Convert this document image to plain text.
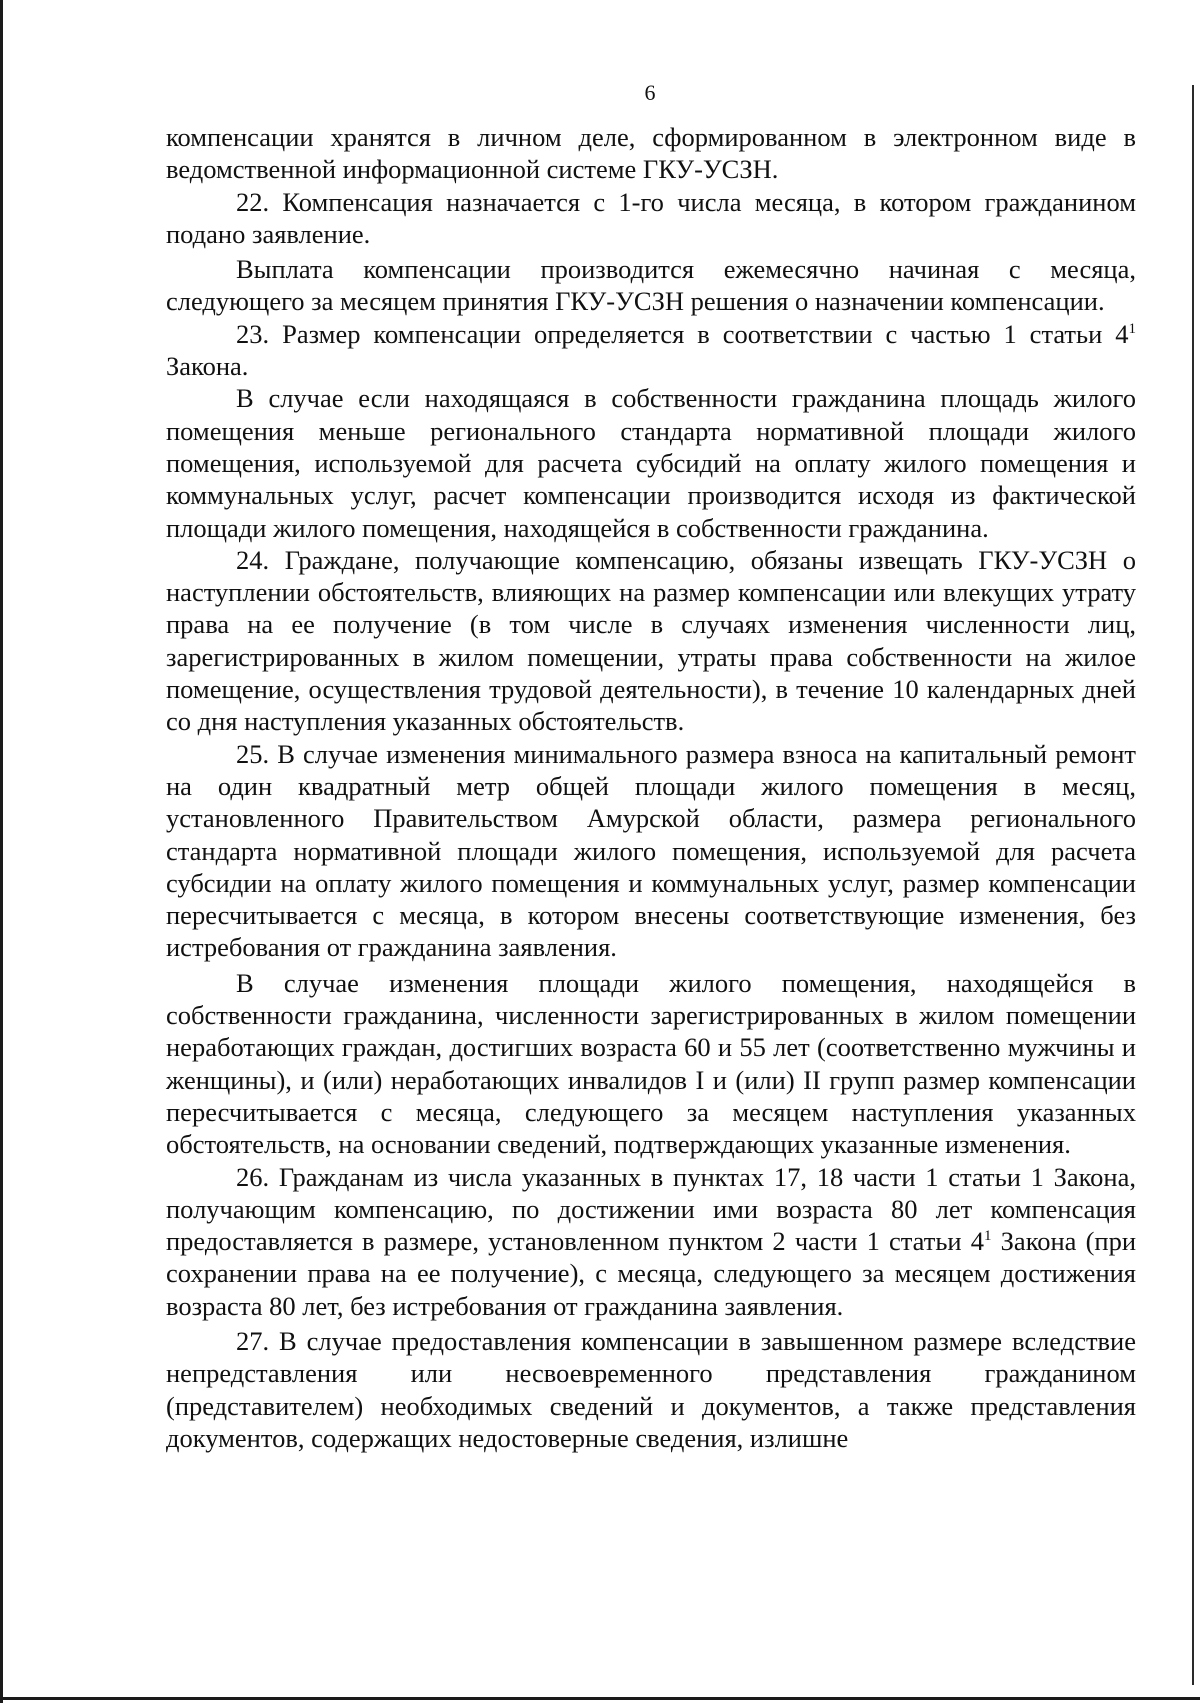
6

компенсации хранятся в личном деле, сформированном в электронном виде в ведомственной информационной системе ГКУ-УСЗН.

22. Компенсация назначается с 1-го числа месяца, в котором гражданином подано заявление.

Выплата компенсации производится ежемесячно начиная с месяца, следующего за месяцем принятия ГКУ-УСЗН решения о назначении компенсации.

23. Размер компенсации определяется в соответствии с частью 1 статьи $4^1$ Закона.

В случае если находящаяся в собственности гражданина площадь жилого помещения меньше регионального стандарта нормативной площади жилого помещения, используемой для расчета субсидий на оплату жилого помещения и коммунальных услуг, расчет компенсации производится исходя из фактической площади жилого помещения, находящейся в собственности гражданина.

24. Граждане, получающие компенсацию, обязаны извещать ГКУ-УСЗН о наступлении обстоятельств, влияющих на размер компенсации или влекущих утрату права на ее получение (в том числе в случаях изменения численности лиц, зарегистрированных в жилом помещении, утраты права собственности на жилое помещение, осуществления трудовой деятельности), в течение 10 календарных дней со дня наступления указанных обстоятельств.

25. В случае изменения минимального размера взноса на капитальный ремонт на один квадратный метр общей площади жилого помещения в месяц, установленного Правительством Амурской области, размера регионального стандарта нормативной площади жилого помещения, используемой для расчета субсидии на оплату жилого помещения и коммунальных услуг, размер компенсации пересчитывается с месяца, в котором внесены соответствующие изменения, без истребования от гражданина заявления.

В случае изменения площади жилого помещения, находящейся в собственности гражданина, численности зарегистрированных в жилом помещении неработающих граждан, достигших возраста 60 и 55 лет (соответственно мужчины и женщины), и (или) неработающих инвалидов I и (или) II групп размер компенсации пересчитывается с месяца, следующего за месяцем наступления указанных обстоятельств, на основании сведений, подтверждающих указанные изменения.

26. Гражданам из числа указанных в пунктах 17, 18 части 1 статьи 1 Закона, получающим компенсацию, по достижении ими возраста 80 лет компенсация предоставляется в размере, установленном пунктом 2 части 1 статьи $4^1$ Закона (при сохранении права на ее получение), с месяца, следующего за месяцем достижения возраста 80 лет, без истребования от гражданина заявления.

27. В случае предоставления компенсации в завышенном размере вследствие непредставления или несвоевременного представления гражданином (представителем) необходимых сведений и документов, а также представления документов, содержащих недостоверные сведения, излишне
